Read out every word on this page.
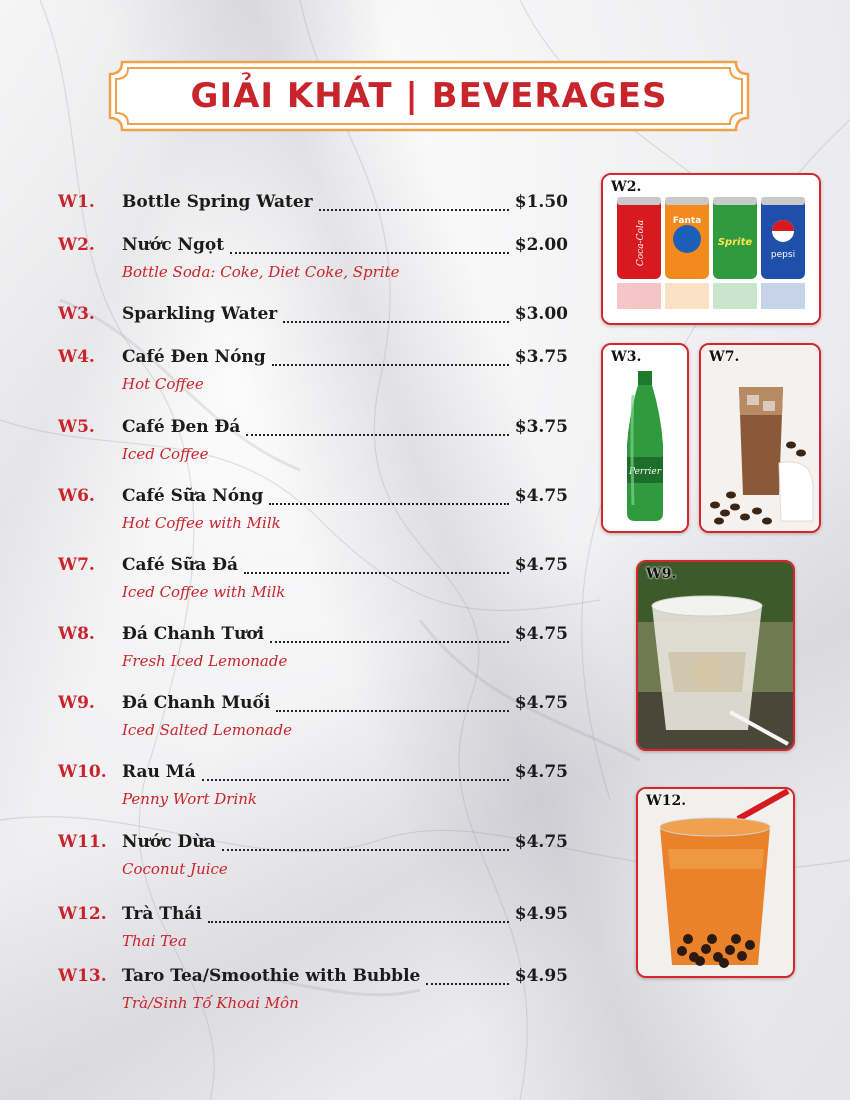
GIẢI KHÁT | BEVERAGES
W1.	Bottle Spring Water	$1.50
W2.	Nước Ngọt	$2.00
Bottle Soda: Coke, Diet Coke, Sprite
W3.	Sparkling Water	$3.00
W4.	Café Đen Nóng	$3.75
Hot Coffee
W5.	Café Đen Đá	$3.75
Iced Coffee
W6.	Café Sữa Nóng	$4.75
Hot Coffee with Milk
W7.	Café Sữa Đá	$4.75
Iced Coffee with Milk
W8.	Đá Chanh Tươi	$4.75
Fresh Iced Lemonade
W9.	Đá Chanh Muối	$4.75
Iced Salted Lemonade
W10. Rau Má	$4.75
Penny Wort Drink
W11. Nước Dừa	$4.75
Coconut Juice
W12. Trà Thái	$4.95
Thai Tea
W13. Taro Tea/Smoothie with Bubble	$4.95
Trà/Sinh Tố Khoai Môn
Coca-Cola	Fanta
Sprite
pepsi
W2.
Perrier
W3.	W7.
W9.
W12.
